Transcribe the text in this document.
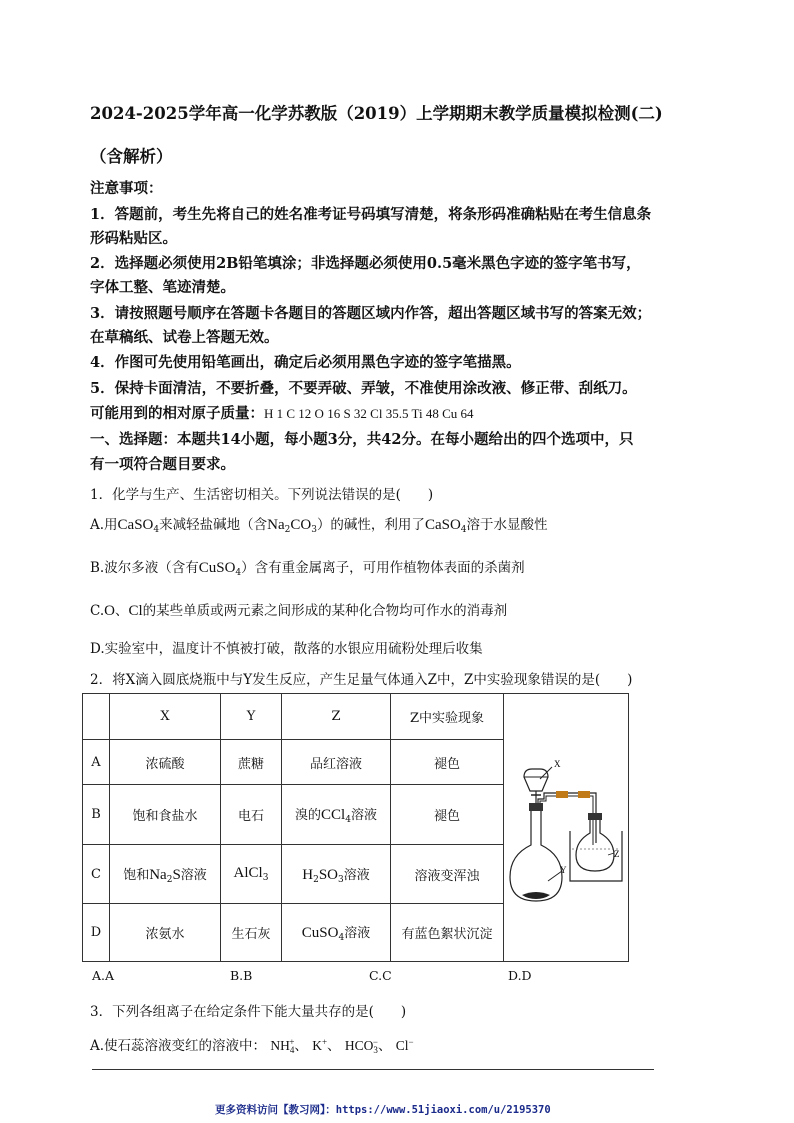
2024-2025学年高一化学苏教版（2019）上学期期末教学质量模拟检测(二)
（含解析）
注意事项：
1．答题前，考生先将自己的姓名准考证号码填写清楚，将条形码准确粘贴在考生信息条
形码粘贴区。
2．选择题必须使用2B铅笔填涂；非选择题必须使用0.5毫米黑色字迹的签字笔书写，
字体工整、笔迹清楚。
3．请按照题号顺序在答题卡各题目的答题区域内作答，超出答题区域书写的答案无效；
在草稿纸、试卷上答题无效。
4．作图可先使用铅笔画出，确定后必须用黑色字迹的签字笔描黑。
5．保持卡面清洁，不要折叠，不要弄破、弄皱，不准使用涂改液、修正带、刮纸刀。
可能用到的相对原子质量：H 1 C 12 O 16 S 32 Cl 35.5 Ti 48 Cu 64
一、选择题：本题共14小题，每小题3分，共42分。在每小题给出的四个选项中，只
有一项符合题目要求。
1．化学与生产、生活密切相关。下列说法错误的是(　　)
A.用CaSO$_4$来减轻盐碱地（含$Na_2CO_3$）的碱性，利用了CaSO$_4$溶于水显酸性
B.波尔多液（含有CuSO$_4$）含有重金属离子，可用作植物体表面的杀菌剂
C.O、Cl的某些单质或两元素之间形成的某种化合物均可作水的消毒剂
D.实验室中，温度计不慎被打破，散落的水银应用硫粉处理后收集
2．将X滴入圆底烧瓶中与Y发生反应，产生足量气体通入Z中，Z中实验现象错误的是(　　)
	X	Y	Z	Z中实验现象	X
Y
Z

A	浓硫酸	蔗糖	品红溶液	褪色	
B	饱和食盐水	电石	溴的CCl$_4$溶液	褪色	
C	饱和$Na_2S$溶液	AlCl$_3$	$H_2SO_3$溶液	溶液变浑浊	
D	浓氨水	生石灰	CuSO$_4$溶液	有蓝色絮状沉淀	
A.A	B.B	C.C	D.D
3．下列各组离子在给定条件下能大量共存的是(　　)
A.使石蕊溶液变红的溶液中： $NH_4^+$、 K+、 $HCO_3^-$、 Cl−
更多资料访问【教习网】：https://www.51jiaoxi.com/u/2195370
